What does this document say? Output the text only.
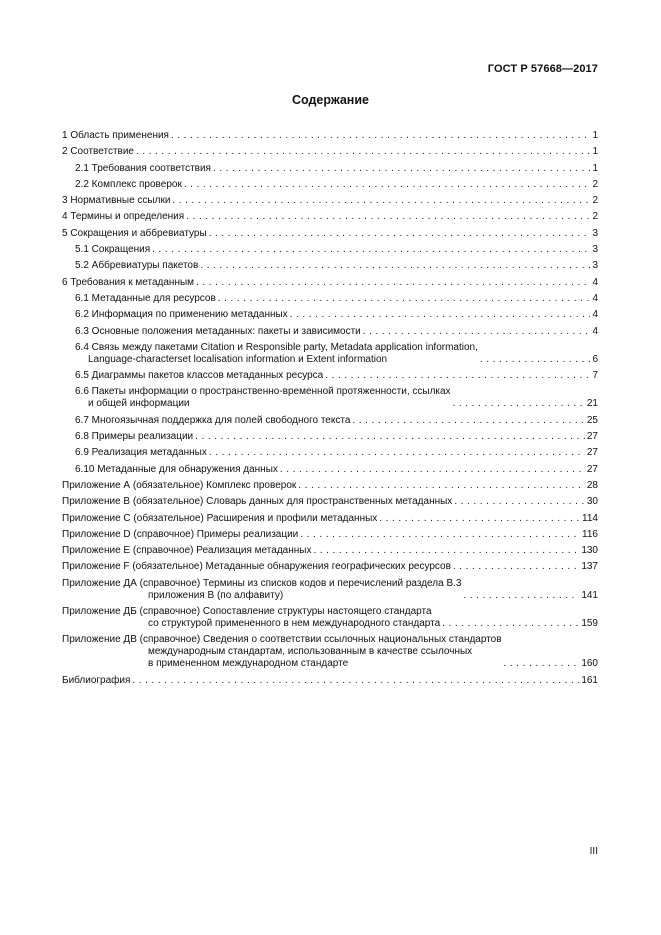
ГОСТ Р 57668—2017
Содержание
1 Область применения . . .	1
2 Соответствие . . .	1
2.1 Требования соответствия . . .	1
2.2 Комплекс проверок . . .	2
3 Нормативные ссылки . . .	2
4 Термины и определения . . .	2
5 Сокращения и аббревиатуры . . .	3
5.1 Сокращения . . .	3
5.2 Аббревиатуры пакетов . . .	3
6 Требования к метаданным . . .	4
6.1 Метаданные для ресурсов . . .	4
6.2 Информация по применению метаданных . . .	4
6.3 Основные положения метаданных: пакеты и зависимости . . .	4
6.4 Связь между пакетами Citation и Responsible party, Metadata application information,
Language-characterset localisation information и Extent information . . .	6
6.5 Диаграммы пакетов классов метаданных ресурса . . .	7
6.6 Пакеты информации о пространственно-временной протяженности, ссылках
и общей информации . . .	21
6.7 Многоязычная поддержка для полей свободного текста . . .	25
6.8 Примеры реализации . . .	27
6.9 Реализация метаданных . . .	27
6.10 Метаданные для обнаружения данных . . .	27
Приложение А (обязательное) Комплекс проверок . . .	28
Приложение В (обязательное) Словарь данных для пространственных метаданных . . .	30
Приложение С (обязательное) Расширения и профили метаданных . . .	114
Приложение D (справочное) Примеры реализации . . .	116
Приложение Е (справочное) Реализация метаданных . . .	130
Приложение F (обязательное) Метаданные обнаружения географических ресурсов . . .	137
Приложение ДА (справочное) Термины из списков кодов и перечислений раздела В.3
приложения В (по алфавиту) . . .	141
Приложение ДБ (справочное) Сопоставление структуры настоящего стандарта
со структурой примененного в нем международного стандарта . . .	159
Приложение ДВ (справочное) Сведения о соответствии ссылочных национальных стандартов
международным стандартам, использованным в качестве ссылочных
в примененном международном стандарте . . .	160
Библиография . . .	161
III
